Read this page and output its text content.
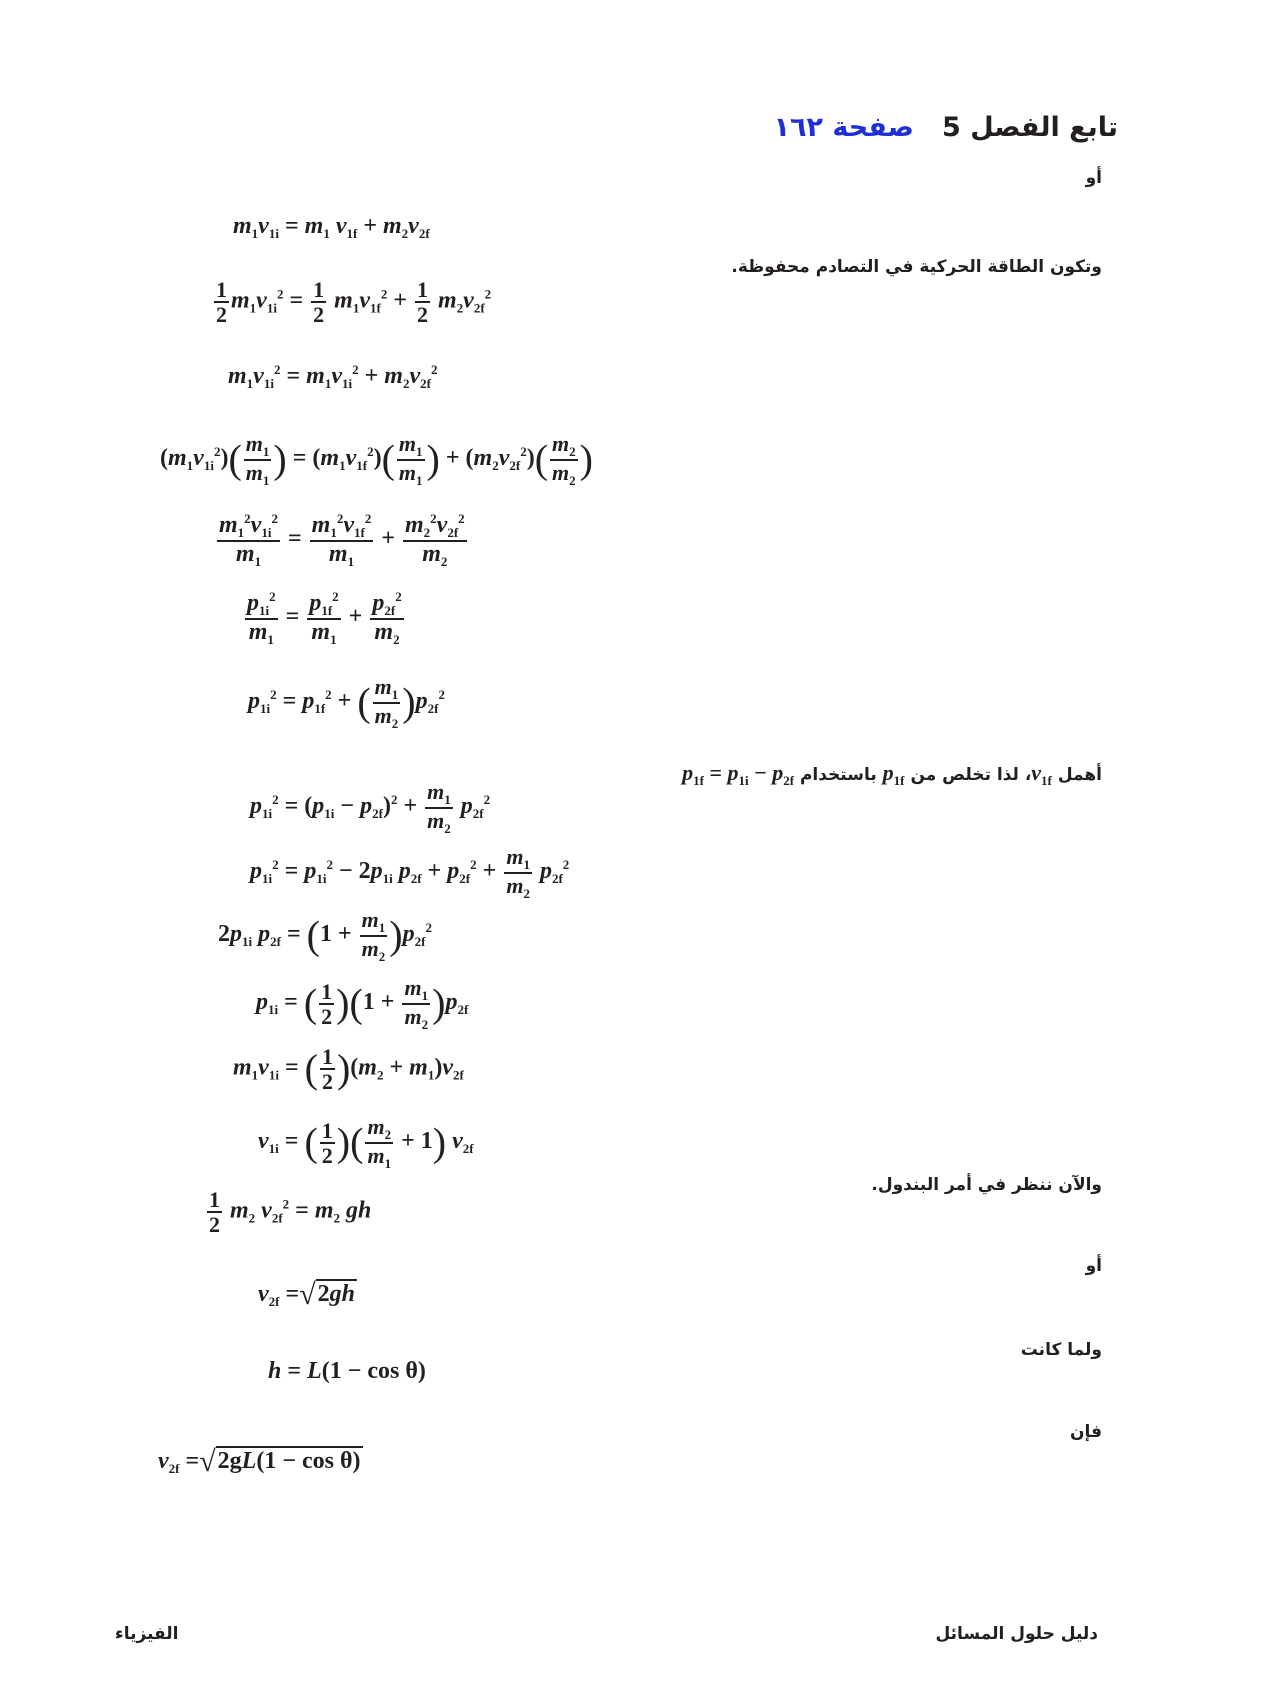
تابع الفصل 5   صفحة ١٦٢
أو
وتكون الطاقة الحركية في التصادم محفوظة.
أهمل $v_{1f}،$ لذا تخلص من $p_{1f}$ باستخدام $p_{1f} = p_{1i} - p_{2f}$
والآن ننظر في أمر البندول.
أو
ولما كانت
فإن
$m_1v_{1i} = m_1$ $v_{1f} + m_2v_{2f}$
$\frac{1}{2} m_1v_{1i}^2 = \frac{1}{2} m_1v_{1f}^2 + \frac{1}{2} m_2v_{2f}^2$
$m_1v_{1i}^2 = m_1v_{1i}^2 + m_2v_{2f}^2$
$(m_1v_{1i}^2)( \frac{m_1}{m_1}$ ) = $(m_1v_{1f}^2)( \frac{m_1}{m_1}$ ) + $(m_2v_{2f}^2)( \frac{m_2}{m_2}$ )
$\frac{m_1^2v_{1i}^2}{m_1} = \frac{m_1^2v_{1f}^2}{m_1} + \frac{m_2^2v_{2f}^2}{m_2}$
$\frac{p_{1i}^2}{m_1} = \frac{p_{1f}^2}{m_1} + \frac{p_{2f}^2}{m_2}$
$p_{1i}^2 = p_{1f}^2$ + ( $\frac{m_1}{m_2} )p_{2f}^2$
$p_{1i}^2 = (p_{1i} - p_{2f})^2 + \frac{m_1}{m_2} p_{2f}^2$
$p_{1i}^2 = p_{1i}^2 - 2p_{1i}$ $p_{2f} + p_{2f}^2 + \frac{m_1}{m_2} p_{2f}^2$
$2p_{1i}$ $p_{2f} = (1 + \frac{m_1}{m_2} )p_{2f}^2$
$p_{1i}$ = ( $\frac{1}{2} )(1 + \frac{m_1}{m_2} )p_{2f}$
$m_1v_{1i}$ = ( $\frac{1}{2} )(m_2 + m_1)v_{2f}$
$v_{1i}$ = ( $\frac{1}{2}$ )( $\frac{m_2}{m_1} + 1$) $v_{2f}$
$\frac{1}{2} m_2$ $v_{2f}^2 = m_2$ gh
$v_{2f} =√2gh$
h = L(1 − cos θ)
$v_{2f} =√2gL(1 - \cos \theta)$
الفيزياء	دليل حلول المسائل
